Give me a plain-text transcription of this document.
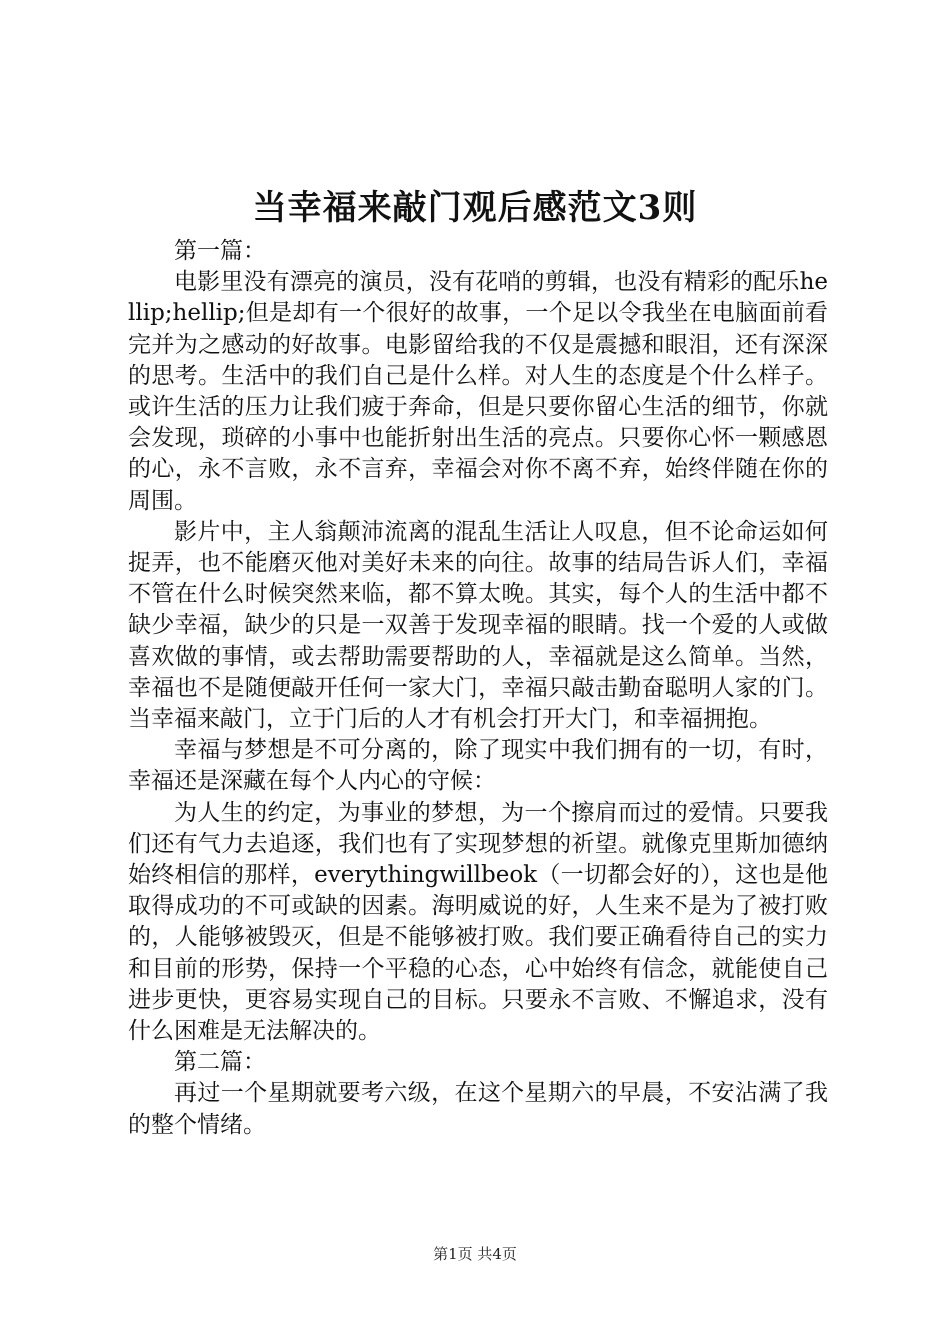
当幸福来敲门观后感范文3则

第一篇：

电影里没有漂亮的演员，没有花哨的剪辑，也没有精彩的配乐hellip;hellip;但是却有一个很好的故事，一个足以令我坐在电脑面前看完并为之感动的好故事。电影留给我的不仅是震撼和眼泪，还有深深的思考。生活中的我们自己是什么样。对人生的态度是个什么样子。或许生活的压力让我们疲于奔命，但是只要你留心生活的细节，你就会发现，琐碎的小事中也能折射出生活的亮点。只要你心怀一颗感恩的心，永不言败，永不言弃，幸福会对你不离不弃，始终伴随在你的周围。

影片中，主人翁颠沛流离的混乱生活让人叹息，但不论命运如何捉弄，也不能磨灭他对美好未来的向往。故事的结局告诉人们，幸福不管在什么时候突然来临，都不算太晚。其实，每个人的生活中都不缺少幸福，缺少的只是一双善于发现幸福的眼睛。找一个爱的人或做喜欢做的事情，或去帮助需要帮助的人，幸福就是这么简单。当然，幸福也不是随便敲开任何一家大门，幸福只敲击勤奋聪明人家的门。当幸福来敲门，立于门后的人才有机会打开大门，和幸福拥抱。

幸福与梦想是不可分离的，除了现实中我们拥有的一切，有时，幸福还是深藏在每个人内心的守候：

为人生的约定，为事业的梦想，为一个擦肩而过的爱情。只要我们还有气力去追逐，我们也有了实现梦想的祈望。就像克里斯加德纳始终相信的那样，everythingwillbeok（一切都会好的），这也是他取得成功的不可或缺的因素。海明威说的好，人生来不是为了被打败的，人能够被毁灭，但是不能够被打败。我们要正确看待自己的实力和目前的形势，保持一个平稳的心态，心中始终有信念，就能使自己进步更快，更容易实现自己的目标。只要永不言败、不懈追求，没有什么困难是无法解决的。

第二篇：

再过一个星期就要考六级，在这个星期六的早晨，不安沾满了我的整个情绪。

第1页 共4页
